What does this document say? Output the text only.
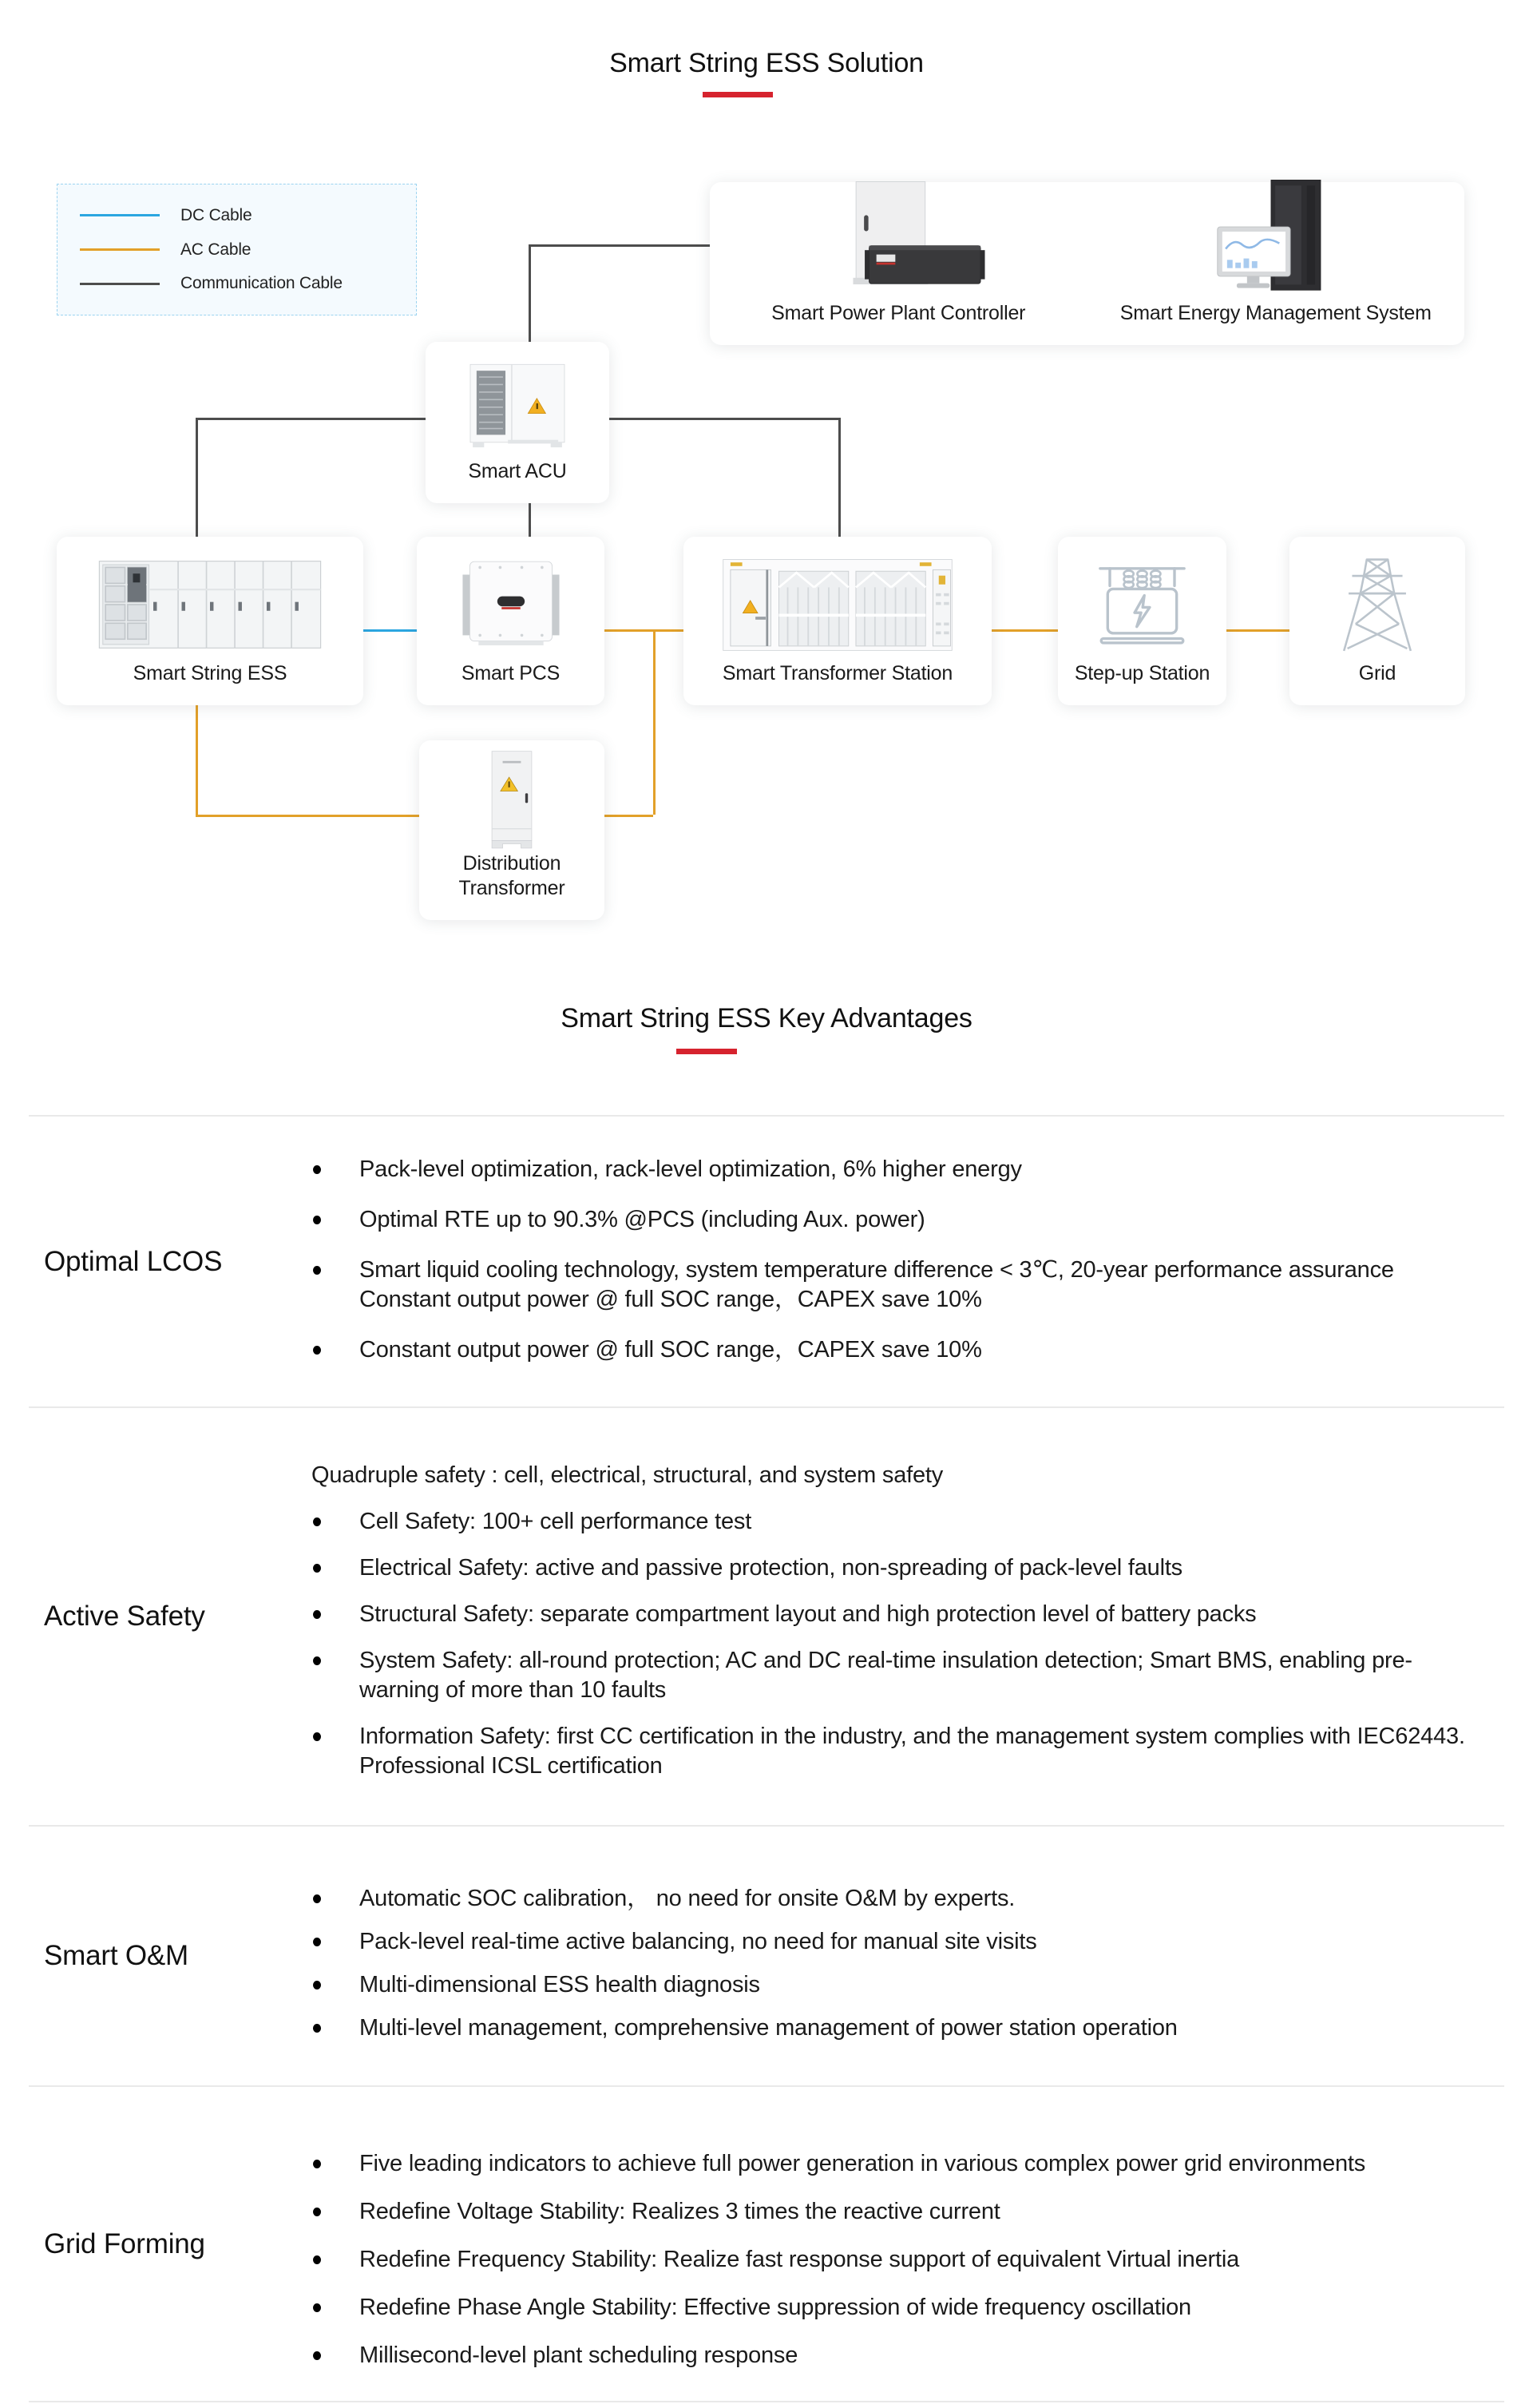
Smart String ESS Solution
DC Cable
AC Cable
Communication Cable
Smart Power Plant Controller	Smart Energy Management System
Smart ACU
Smart String ESS	Smart PCS	Smart Transformer Station	Step-up Station	Grid
Distribution Transformer
Smart String ESS Key Advantages
Optimal LCOS
Pack-level optimization, rack-level optimization, 6% higher energy
Optimal RTE up to 90.3% @PCS (including Aux. power)
Smart liquid cooling technology, system temperature difference < 3℃, 20-year performance assurance Constant output power @ full SOC range，CAPEX save 10%
Constant output power @ full SOC range，CAPEX save 10%
Active Safety
Quadruple safety : cell, electrical, structural, and system safety
Cell Safety: 100+ cell performance test
Electrical Safety: active and passive protection, non-spreading of pack-level faults
Structural Safety: separate compartment layout and high protection level of battery packs
System Safety: all-round protection; AC and DC real-time insulation detection; Smart BMS, enabling pre-warning of more than 10 faults
Information Safety: first CC certification in the industry, and the management system complies with IEC62443. Professional ICSL certification
Smart O&M
Automatic SOC calibration， no need for onsite O&M by experts.
Pack-level real-time active balancing, no need for manual site visits
Multi-dimensional ESS health diagnosis
Multi-level management, comprehensive management of power station operation
Grid Forming
Five leading indicators to achieve full power generation in various complex power grid environments
Redefine Voltage Stability: Realizes 3 times the reactive current
Redefine Frequency Stability: Realize fast response support of equivalent Virtual inertia
Redefine Phase Angle Stability: Effective suppression of wide frequency oscillation
Millisecond-level plant scheduling response
